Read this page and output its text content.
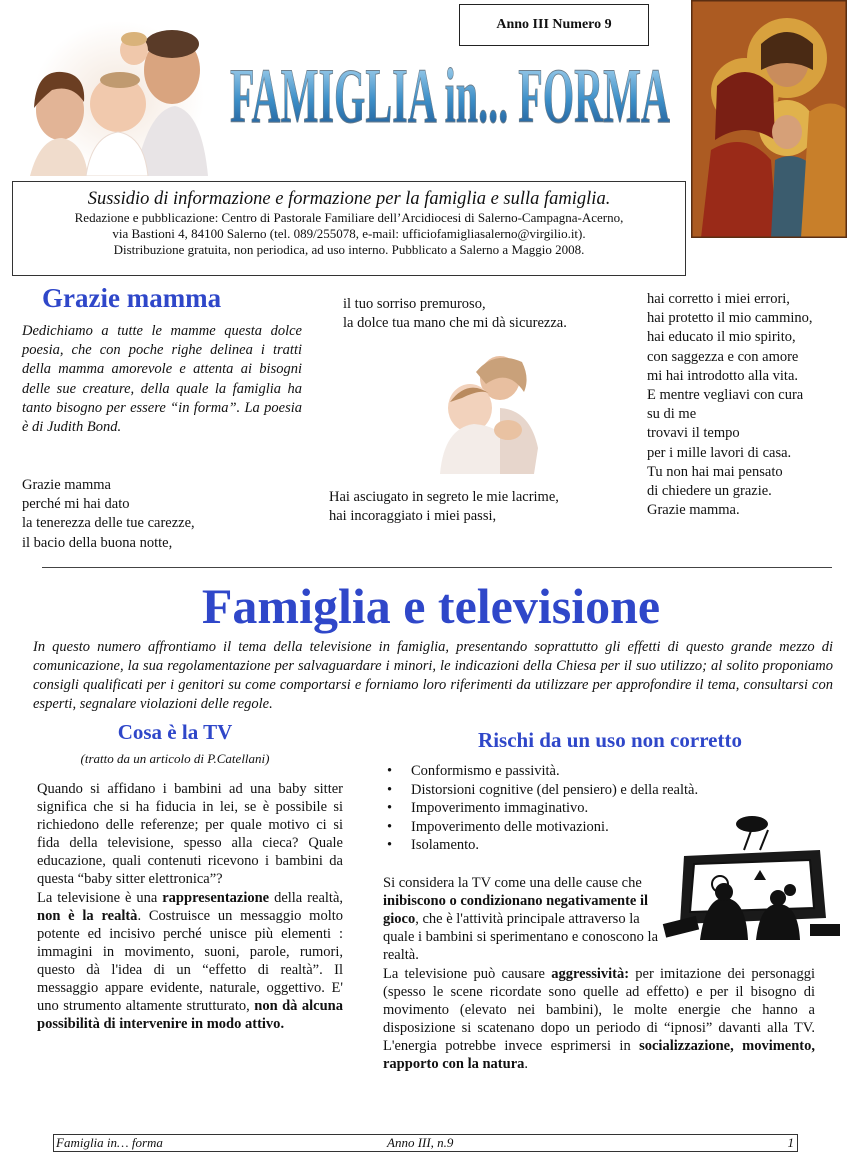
Anno III Numero 9
FAMIGLIA in... FORMA
Sussidio di informazione e formazione per la famiglia e sulla famiglia.
Redazione e pubblicazione: Centro di Pastorale Familiare dell’Arcidiocesi di Salerno-Campagna-Acerno,
via Bastioni 4, 84100 Salerno (tel. 089/255078, e-mail: ufficiofamigliasalerno@virgilio.it).
Distribuzione gratuita, non periodica, ad uso interno. Pubblicato a Salerno a Maggio 2008.
Grazie mamma
Dedichiamo a tutte le mamme questa dolce poesia, che con poche righe delinea i tratti della mamma amorevole e attenta ai bisogni delle sue creature, della quale la famiglia ha tanto bisogno per essere “in forma”. La poesia è di Judith Bond.
Grazie mamma
perché mi hai dato
la tenerezza delle tue carezze,
il bacio della buona notte,
il tuo sorriso premuroso,
la dolce tua mano che mi dà sicurezza.
Hai asciugato in segreto le mie lacrime,
hai incoraggiato i miei passi,
hai corretto i miei errori,
hai protetto il mio cammino,
hai educato il mio spirito,
con saggezza e con amore
mi hai introdotto alla vita.
E mentre vegliavi con cura
su di me
trovavi il tempo
per i mille lavori di casa.
Tu non hai mai pensato
di chiedere un grazie.
Grazie mamma.
Famiglia e televisione
In questo numero affrontiamo il tema della televisione in famiglia, presentando soprattutto gli effetti di questo grande mezzo di comunicazione, la sua regolamentazione per salvaguardare i minori, le indicazioni della Chiesa per il suo utilizzo; al solito proponiamo consigli qualificati per i genitori su come comportarsi e forniamo loro riferimenti da utilizzare per approfondire il tema, consultarsi con esperti, segnalare violazioni delle regole.
Cosa è la TV
(tratto da un articolo di P.Catellani)

Quando si affidano i bambini ad una baby sitter significa che si ha fiducia in lei, se è possibile si richiedono delle referenze; per quale motivo ci si fida della televisione, spesso alla cieca? Quale educazione, quali contenuti ricevono i bambini da questa “baby sitter elettronica”?

La televisione è una rappresentazione della realtà, non è la realtà. Costruisce un messaggio molto potente ed incisivo perché unisce più elementi : immagini in movimento, suoni, parole, rumori, questo dà l'idea di un “effetto di realtà”. Il messaggio appare evidente, naturale, oggettivo. E' uno strumento altamente strutturato, non dà alcuna possibilità di intervenire in modo attivo.

Rischi da un uso non corretto
• Conformismo e passività.
• Distorsioni cognitive (del pensiero) e della realtà.
• Impoverimento immaginativo.
• Impoverimento delle motivazioni.
• Isolamento.

Si considera la TV come una delle cause che inibiscono o condizionano negativamente il gioco, che è l'attività principale attraverso la quale i bambini si sperimentano e conoscono la realtà.

La televisione può causare aggressività: per imitazione dei personaggi (spesso le scene ricordate sono quelle ad effetto) e per il bisogno di movimento (elevato nei bambini), le molte energie che hanno a disposizione si scatenano dopo un periodo di “ipnosi” davanti alla TV. L'energia potrebbe invece esprimersi in socializzazione, movimento, rapporto con la natura.

Famiglia in… forma	Anno III, n.9	1
